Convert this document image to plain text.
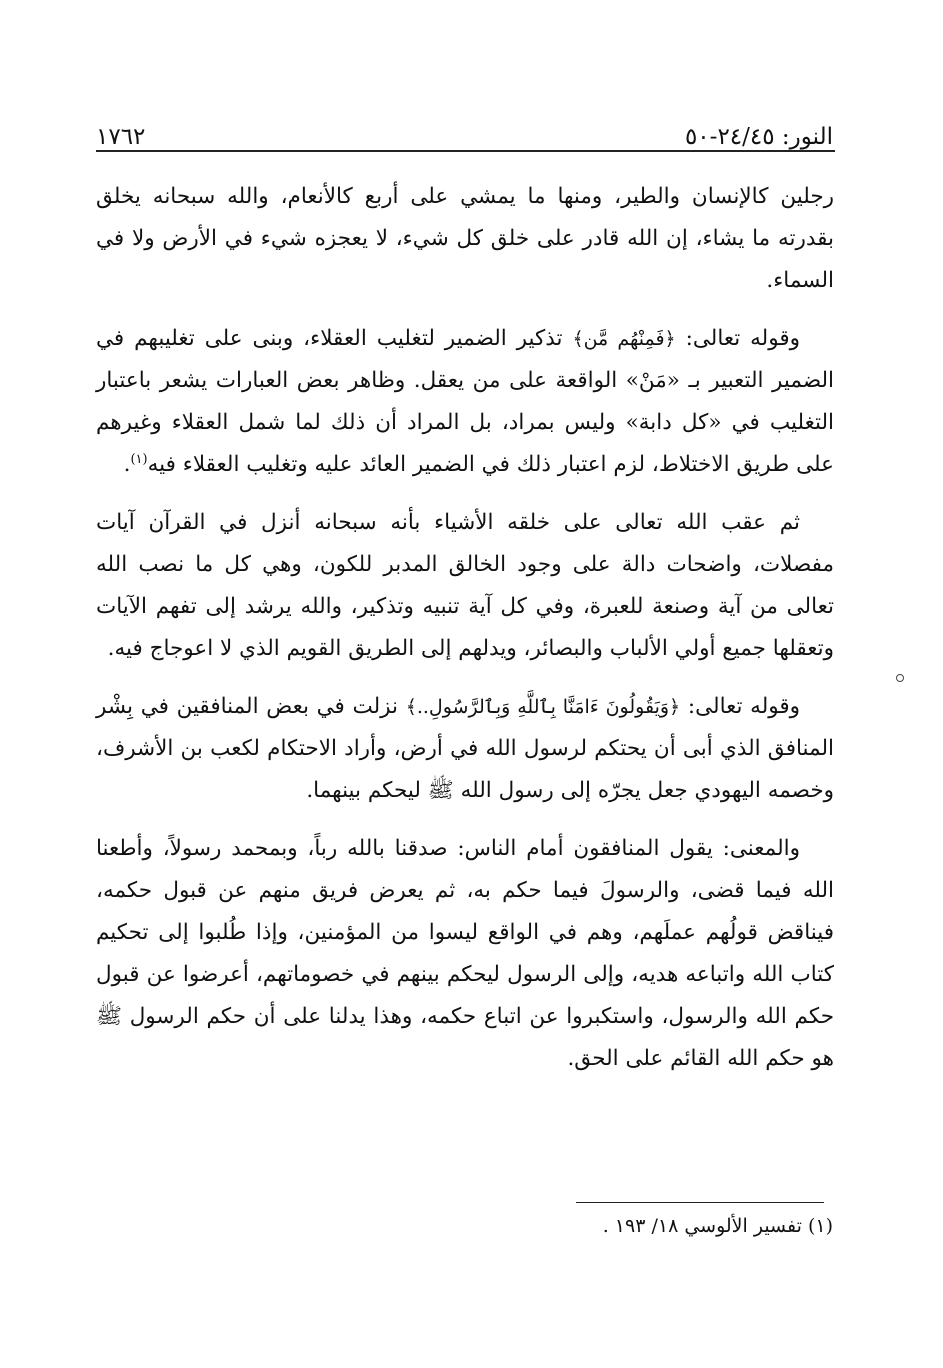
النور: ٢٤/٤٥-٥٠
١٧٦٢

رجلين كالإنسان والطير، ومنها ما يمشي على أربع كالأنعام، والله سبحانه يخلق بقدرته ما يشاء، إن الله قادر على خلق كل شيء، لا يعجزه شيء في الأرض ولا في السماء.

وقوله تعالى: ﴿فَمِنْهُم مَّن﴾ تذكير الضمير لتغليب العقلاء، وبنى على تغليبهم في الضمير التعبير بـ «مَنْ» الواقعة على من يعقل. وظاهر بعض العبارات يشعر باعتبار التغليب في «كل دابة» وليس بمراد، بل المراد أن ذلك لما شمل العقلاء وغيرهم على طريق الاختلاط، لزم اعتبار ذلك في الضمير العائد عليه وتغليب العقلاء فيه$^{(١)}$.

ثم عقب الله تعالى على خلقه الأشياء بأنه سبحانه أنزل في القرآن آيات مفصلات، واضحات دالة على وجود الخالق المدبر للكون، وهي كل ما نصب الله تعالى من آية وصنعة للعبرة، وفي كل آية تنبيه وتذكير، والله يرشد إلى تفهم الآيات وتعقلها جميع أولي الألباب والبصائر، ويدلهم إلى الطريق القويم الذي لا اعوجاج فيه.

وقوله تعالى: ﴿وَيَقُولُونَ ءَامَنَّا بِٱللَّهِ وَبِٱلرَّسُولِ..﴾ نزلت في بعض المنافقين في بِشْر المنافق الذي أبى أن يحتكم لرسول الله في أرض، وأراد الاحتكام لكعب بن الأشرف، وخصمه اليهودي جعل يجرّه إلى رسول الله ﷺ ليحكم بينهما.

والمعنى: يقول المنافقون أمام الناس: صدقنا بالله رباً، وبمحمد رسولاً، وأطعنا الله فيما قضى، والرسولَ فيما حكم به، ثم يعرض فريق منهم عن قبول حكمه، فيناقض قولُهم عملَهم، وهم في الواقع ليسوا من المؤمنين، وإذا طُلبوا إلى تحكيم كتاب الله واتباعه هديه، وإلى الرسول ليحكم بينهم في خصوماتهم، أعرضوا عن قبول حكم الله والرسول، واستكبروا عن اتباع حكمه، وهذا يدلنا على أن حكم الرسول ﷺ هو حكم الله القائم على الحق.

(١) تفسير الألوسي ١٨/ ١٩٣ .
